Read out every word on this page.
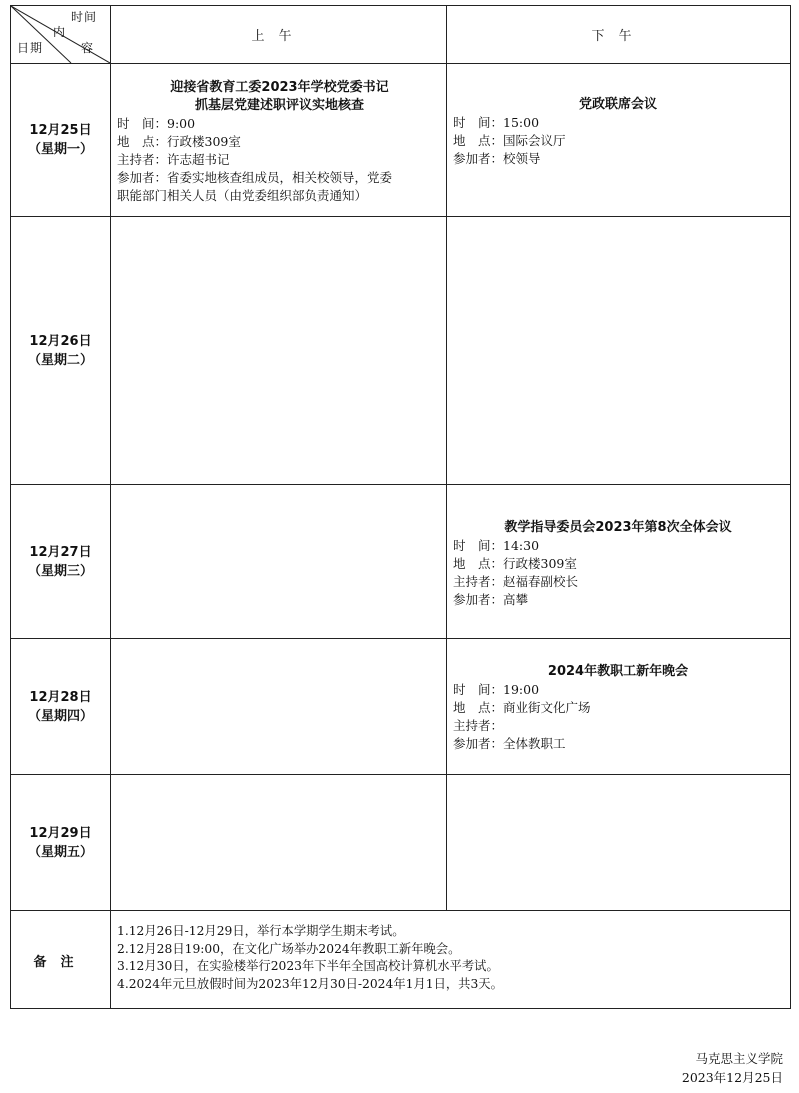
时间
内
容
日期
上午	下午
12月25日
（星期一）
12月26日
（星期二）
12月27日
（星期三）
12月28日
（星期四）
12月29日
（星期五）
迎接省教育工委2023年学校党委书记
抓基层党建述职评议实地核查
时　间：9:00
地　点：行政楼309室
主持者：许志超书记
参加者：省委实地核查组成员，相关校领导，党委
职能部门相关人员（由党委组织部负责通知）
党政联席会议
时　间：15:00
地　点：国际会议厅
参加者：校领导
教学指导委员会2023年第8次全体会议
时　间：14:30
地　点：行政楼309室
主持者：赵福春副校长
参加者：高攀
2024年教职工新年晚会
时　间：19:00
地　点：商业街文化广场
主持者：
参加者：全体教职工
备注
1.12月26日-12月29日，举行本学期学生期末考试。
2.12月28日19:00，在文化广场举办2024年教职工新年晚会。
3.12月30日，在实验楼举行2023年下半年全国高校计算机水平考试。
4.2024年元旦放假时间为2023年12月30日-2024年1月1日，共3天。
马克思主义学院
2023年12月25日
